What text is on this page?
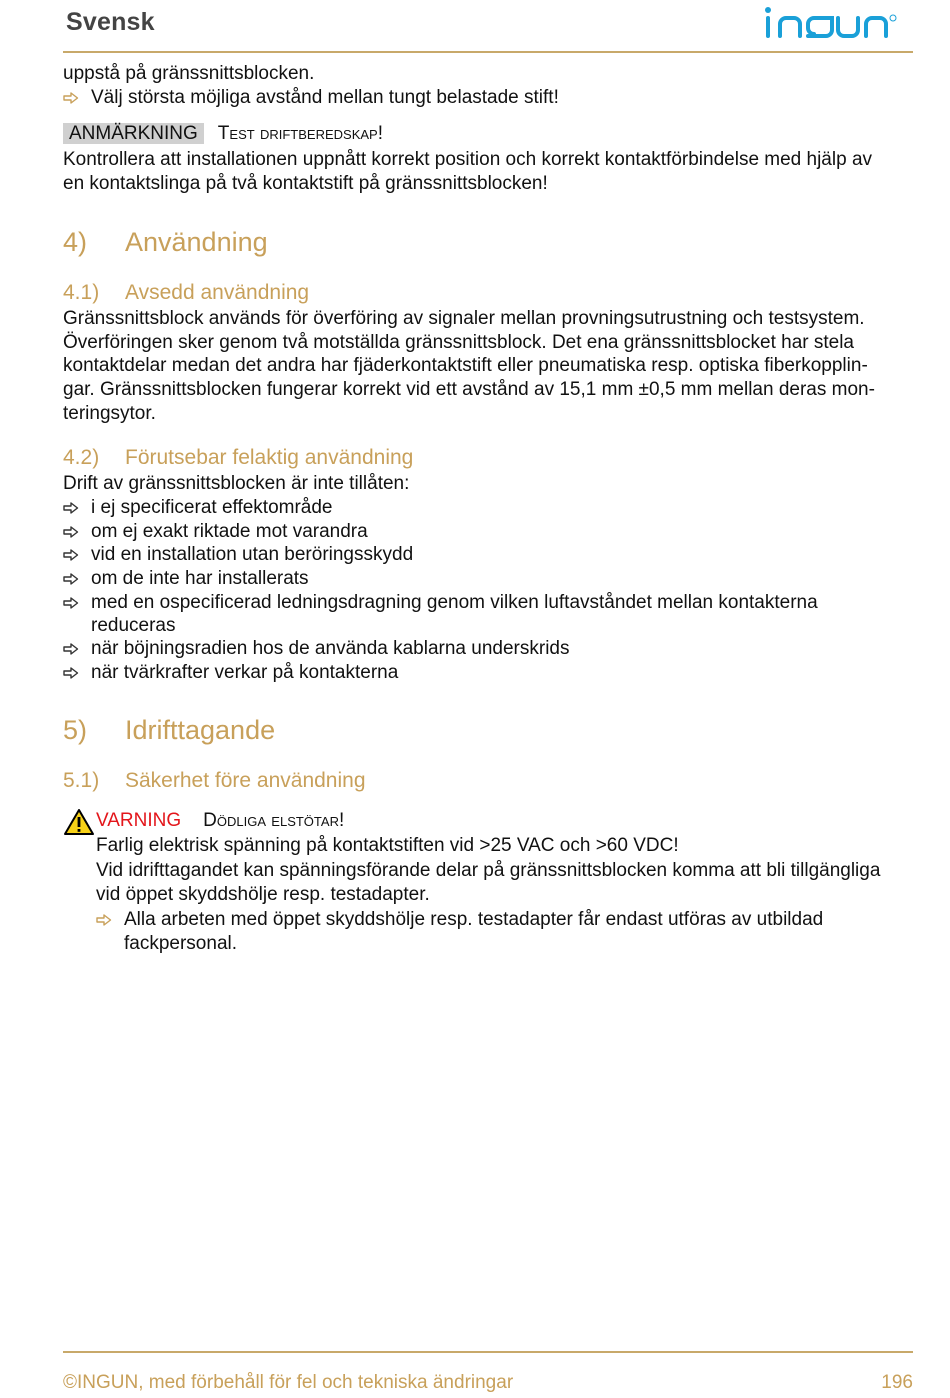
Svensk
uppstå på gränssnittsblocken.
Välj största möjliga avstånd mellan tungt belastade stift!
ANMÄRKNING Test driftberedskap!
Kontrollera att installationen uppnått korrekt position och korrekt kontaktförbindelse med hjälp av
en kontaktslinga på två kontaktstift på gränssnittsblocken!
4) Användning
4.1) Avsedd användning
Gränssnittsblock används för överföring av signaler mellan provningsutrustning och testsystem.
Överföringen sker genom två motställda gränssnittsblock. Det ena gränssnittsblocket har stela
kontaktdelar medan det andra har fjäderkontaktstift eller pneumatiska resp. optiska fiberkopplin-
gar. Gränssnittsblocken fungerar korrekt vid ett avstånd av 15,1 mm ±0,5 mm mellan deras mon-
teringsytor.
4.2) Förutsebar felaktig användning
Drift av gränssnittsblocken är inte tillåten:
i ej specificerat effektområde
om ej exakt riktade mot varandra
vid en installation utan beröringsskydd
om de inte har installerats
med en ospecificerad ledningsdragning genom vilken luftavståndet mellan kontakterna
reduceras
när böjningsradien hos de använda kablarna underskrids
när tvärkrafter verkar på kontakterna
5) Idrifttagande
5.1) Säkerhet före användning
VARNING Dödliga elstötar!
Farlig elektrisk spänning på kontaktstiften vid >25 VAC och >60 VDC!
Vid idrifttagandet kan spänningsförande delar på gränssnittsblocken komma att bli tillgängliga
vid öppet skyddshölje resp. testadapter.
Alla arbeten med öppet skyddshölje resp. testadapter får endast utföras av utbildad
fackpersonal.
©INGUN, med förbehåll för fel och tekniska ändringar	196
